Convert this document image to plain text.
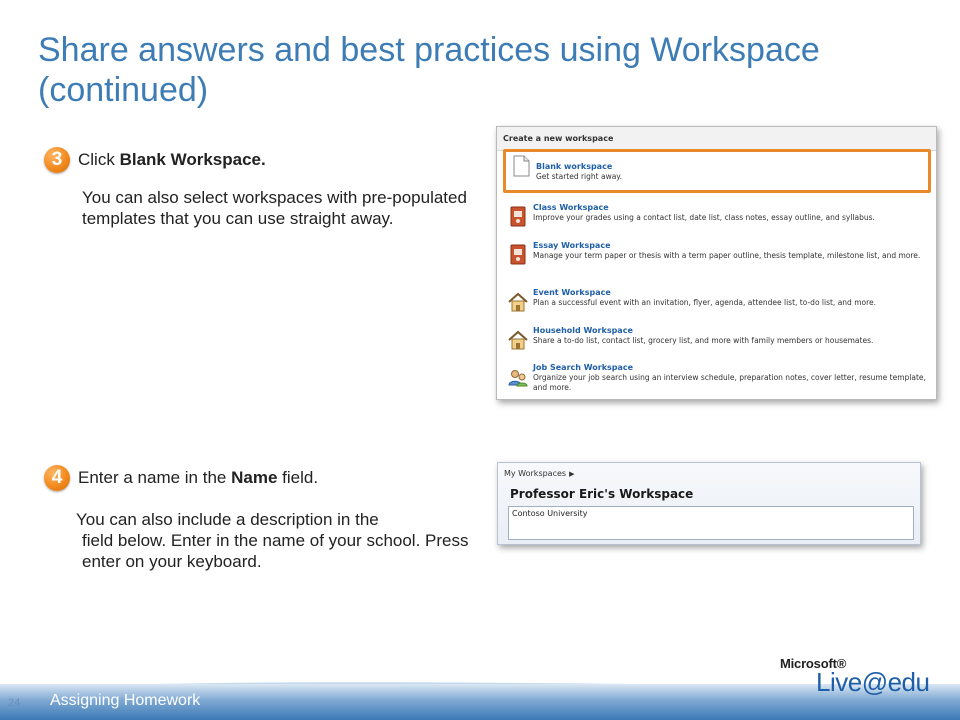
Share answers and best practices using Workspace (continued)
3 Click Blank Workspace.
You can also select workspaces with pre-populated templates that you can use straight away.
4 Enter a name in the Name field.
You can also include a description in the
field below. Enter in the name of your school. Press enter on your keyboard.
Create a new workspace
Blank workspace
Get started right away.
Class Workspace
Improve your grades using a contact list, date list, class notes, essay outline, and syllabus.
Essay Workspace
Manage your term paper or thesis with a term paper outline, thesis template, milestone list, and more.
Event Workspace
Plan a successful event with an invitation, flyer, agenda, attendee list, to-do list, and more.
Household Workspace
Share a to-do list, contact list, grocery list, and more with family members or housemates.
Job Search Workspace
Organize your job search using an interview schedule, preparation notes, cover letter, resume template, and more.
My Workspaces ▶
Professor Eric's Workspace
Contoso University
24 Assigning Homework
Microsoft®
Live@edu
